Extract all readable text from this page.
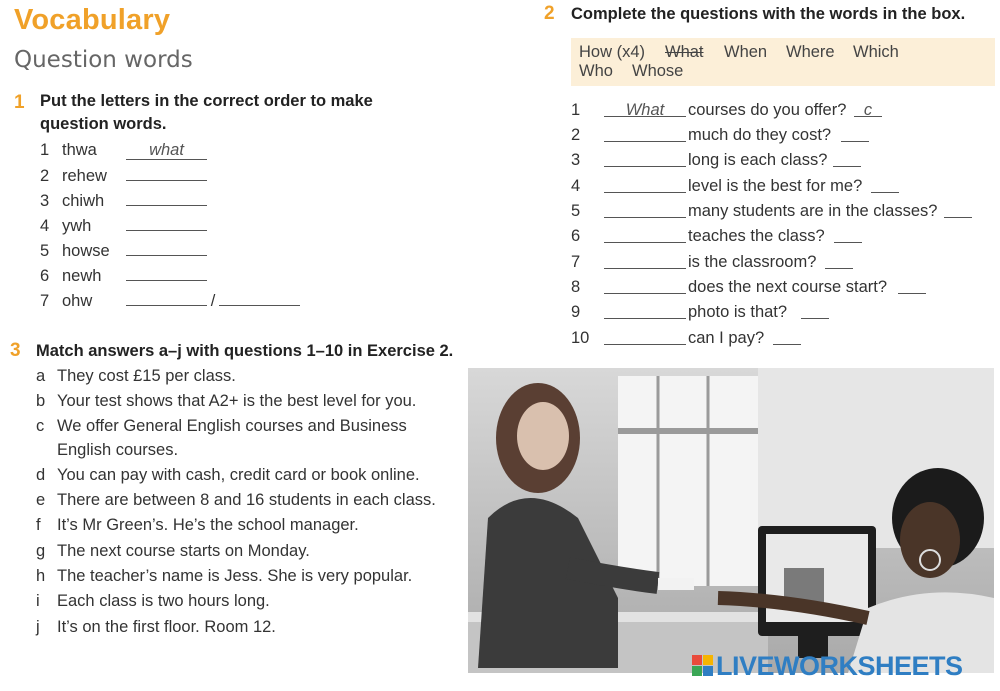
Vocabulary
Question words
1 Put the letters in the correct order to make
question words.
1 thwa	what
2 rehew
3 chiwh
4 ywh
5 howse
6 newh
7 ohw	/
3 Match answers a–j with questions 1–10 in Exercise 2.
a They cost £15 per class.
b Your test shows that A2+ is the best level for you.
c We offer General English courses and Business English courses.
d You can pay with cash, credit card or book online.
e There are between 8 and 16 students in each class.
f It’s Mr Green’s. He’s the school manager.
g The next course starts on Monday.
h The teacher’s name is Jess. She is very popular.
i Each class is two hours long.
j It’s on the first floor. Room 12.
2 Complete the questions with the words in the box.
How (x4) What When Where Which
Who Whose
1	What	courses do you offer?	c
2	much do they cost?
3	long is each class?
4	level is the best for me?
5	many students are in the classes?
6	teaches the class?
7	is the classroom?
8	does the next course start?
9	photo is that?
10	can I pay?
LIVEWORKSHEETS
